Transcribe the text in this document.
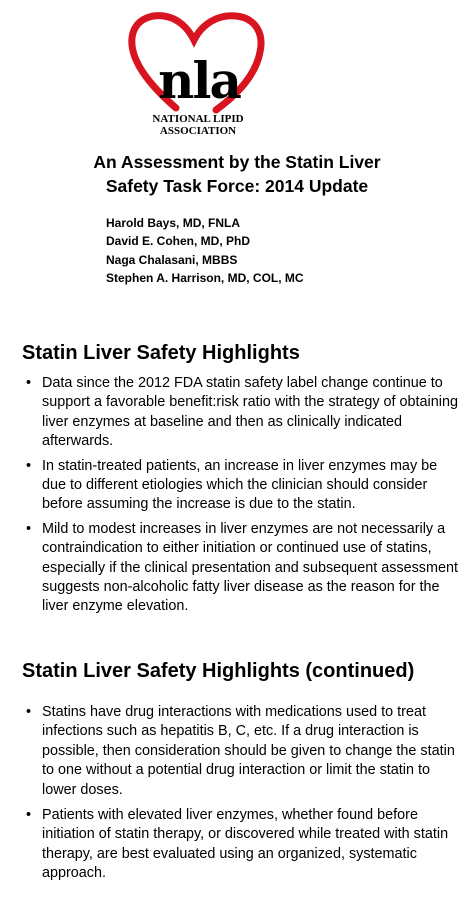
nla
NATIONAL LIPID
ASSOCIATION
An Assessment by the Statin Liver
Safety Task Force: 2014 Update
Harold Bays, MD, FNLA
David E. Cohen, MD, PhD
Naga Chalasani, MBBS
Stephen A. Harrison, MD, COL, MC
Statin Liver Safety Highlights
• Data since the 2012 FDA statin safety label change continue to support a favorable benefit:risk ratio with the strategy of obtaining liver enzymes at baseline and then as clinically indicated afterwards.
• In statin-treated patients, an increase in liver enzymes may be due to different etiologies which the clinician should consider before assuming the increase is due to the statin.
• Mild to modest increases in liver enzymes are not necessarily a contraindication to either initiation or continued use of statins, especially if the clinical presentation and subsequent assessment suggests non-alcoholic fatty liver disease as the reason for the liver enzyme elevation.
Statin Liver Safety Highlights (continued)
• Statins have drug interactions with medications used to treat infections such as hepatitis B, C, etc. If a drug interaction is possible, then consideration should be given to change the statin to one without a potential drug interaction or limit the statin to lower doses.
• Patients with elevated liver enzymes, whether found before initiation of statin therapy, or discovered while treated with statin therapy, are best evaluated using an organized, systematic approach.
